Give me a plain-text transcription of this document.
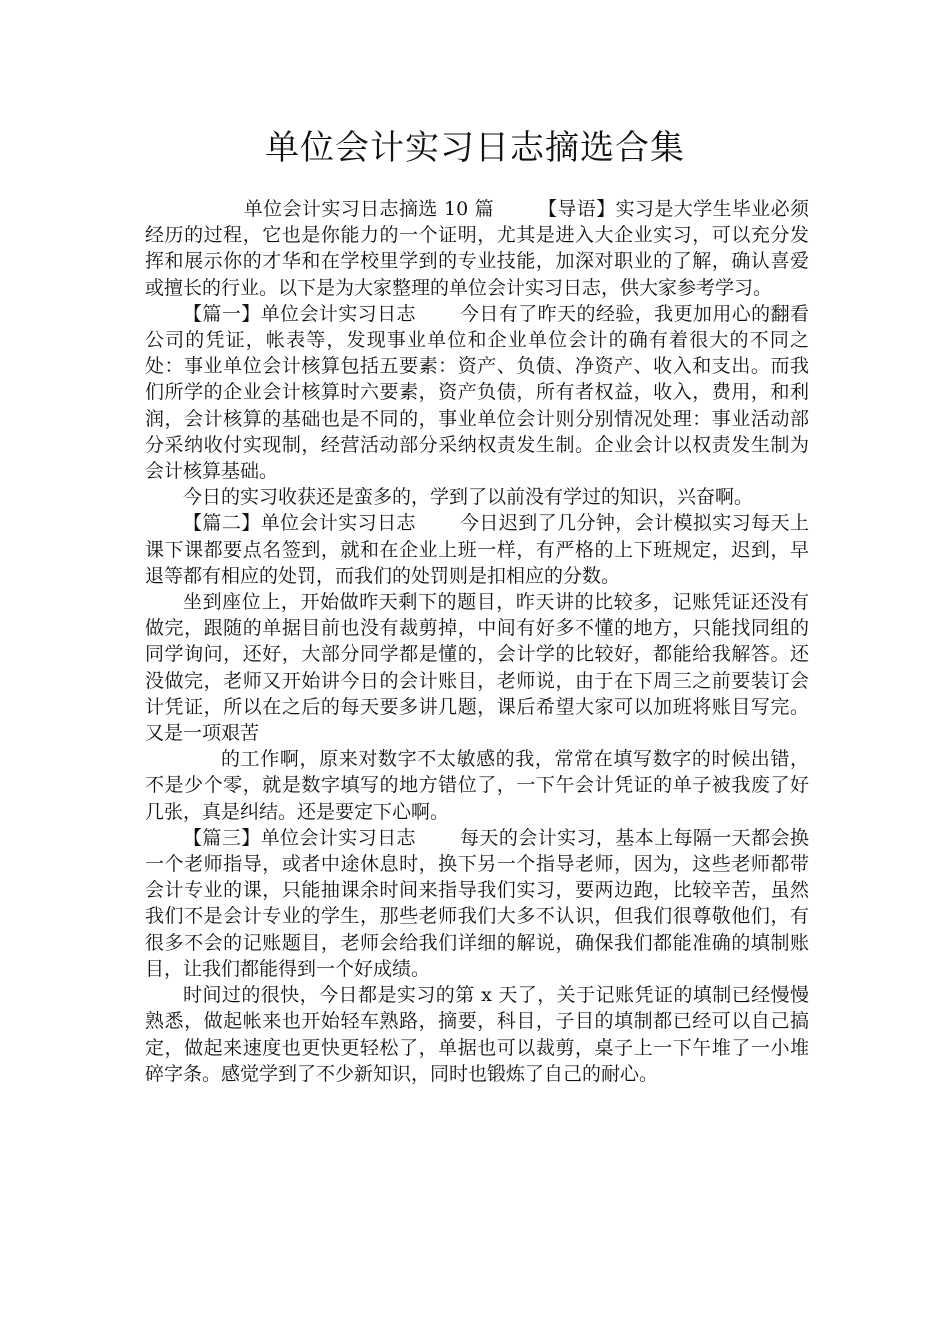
单位会计实习日志摘选合集

单位会计实习日志摘选 10 篇 【导语】实习是大学生毕业必须经历的过程，它也是你能力的一个证明，尤其是进入大企业实习，可以充分发挥和展示你的才华和在学校里学到的专业技能，加深对职业的了解，确认喜爱或擅长的行业。以下是为大家整理的单位会计实习日志，供大家参考学习。

【篇一】单位会计实习日志 今日有了昨天的经验，我更加用心的翻看公司的凭证，帐表等，发现事业单位和企业单位会计的确有着很大的不同之处：事业单位会计核算包括五要素：资产、负债、净资产、收入和支出。而我们所学的企业会计核算时六要素，资产负债，所有者权益，收入，费用，和利润，会计核算的基础也是不同的，事业单位会计则分别情况处理：事业活动部分采纳收付实现制，经营活动部分采纳权责发生制。企业会计以权责发生制为会计核算基础。

今日的实习收获还是蛮多的，学到了以前没有学过的知识，兴奋啊。

【篇二】单位会计实习日志 今日迟到了几分钟，会计模拟实习每天上课下课都要点名签到，就和在企业上班一样，有严格的上下班规定，迟到，早退等都有相应的处罚，而我们的处罚则是扣相应的分数。

坐到座位上，开始做昨天剩下的题目，昨天讲的比较多，记账凭证还没有做完，跟随的单据目前也没有裁剪掉，中间有好多不懂的地方，只能找同组的同学询问，还好，大部分同学都是懂的，会计学的比较好，都能给我解答。还没做完，老师又开始讲今日的会计账目，老师说，由于在下周三之前要装订会计凭证，所以在之后的每天要多讲几题，课后希望大家可以加班将账目写完。又是一项艰苦

的工作啊，原来对数字不太敏感的我，常常在填写数字的时候出错，不是少个零，就是数字填写的地方错位了，一下午会计凭证的单子被我废了好几张，真是纠结。还是要定下心啊。

【篇三】单位会计实习日志 每天的会计实习，基本上每隔一天都会换一个老师指导，或者中途休息时，换下另一个指导老师，因为，这些老师都带会计专业的课，只能抽课余时间来指导我们实习，要两边跑，比较辛苦，虽然我们不是会计专业的学生，那些老师我们大多不认识，但我们很尊敬他们，有很多不会的记账题目，老师会给我们详细的解说，确保我们都能准确的填制账目，让我们都能得到一个好成绩。

时间过的很快，今日都是实习的第 x 天了，关于记账凭证的填制已经慢慢熟悉，做起帐来也开始轻车熟路，摘要，科目，子目的填制都已经可以自己搞定，做起来速度也更快更轻松了，单据也可以裁剪，桌子上一下午堆了一小堆碎字条。感觉学到了不少新知识，同时也锻炼了自己的耐心。
